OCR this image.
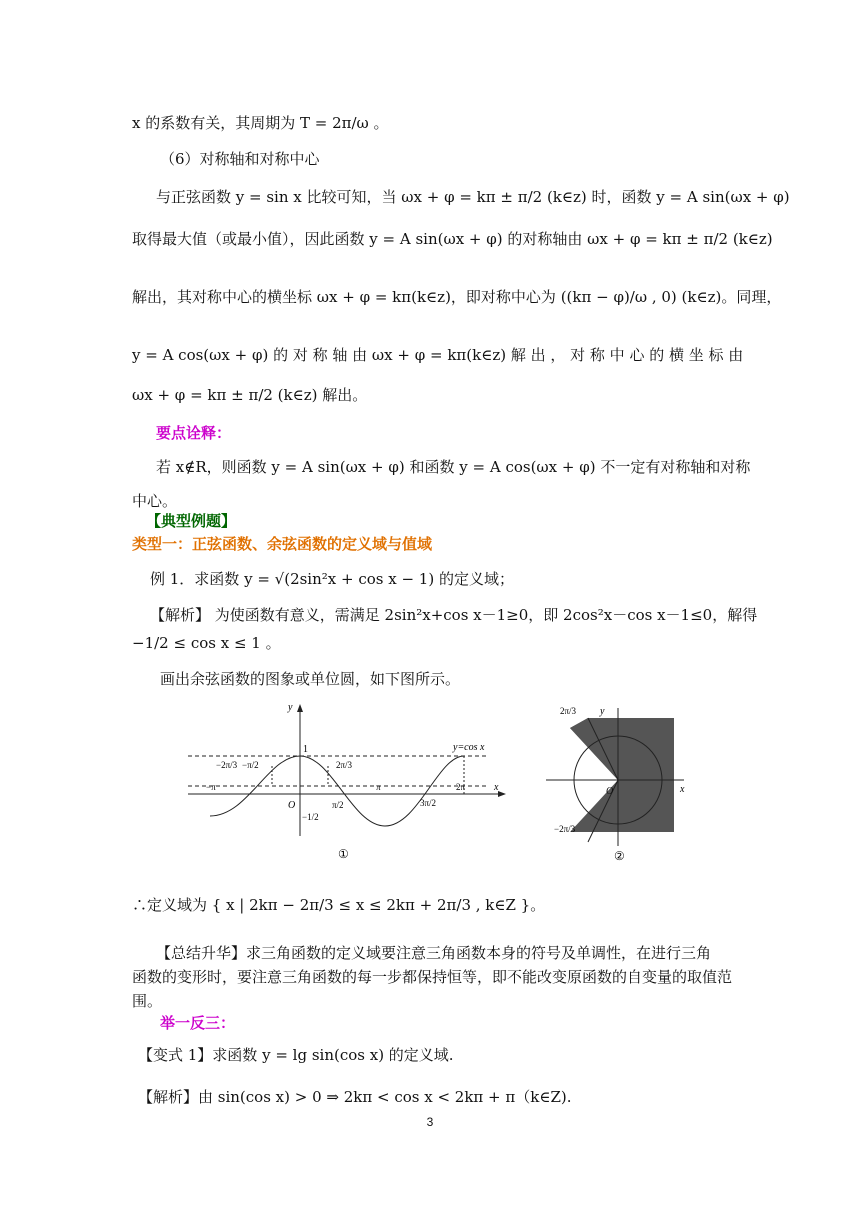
x 的系数有关，其周期为 T = 2π/ω 。
（6）对称轴和对称中心
与正弦函数 y = sin x 比较可知，当 ωx + φ = kπ ± π/2 (k∈z) 时，函数 y = A sin(ωx + φ)
取得最大值（或最小值），因此函数 y = A sin(ωx + φ) 的对称轴由 ωx + φ = kπ ± π/2 (k∈z)
解出，其对称中心的横坐标 ωx + φ = kπ(k∈z)，即对称中心为 ((kπ − φ)/ω , 0) (k∈z)。同理，
y = A cos(ωx + φ) 的 对 称 轴 由 ωx + φ = kπ(k∈z) 解 出 ， 对 称 中 心 的 横 坐 标 由
ωx + φ = kπ ± π/2 (k∈z) 解出。
要点诠释：
若 x∉R，则函数 y = A sin(ωx + φ) 和函数 y = A cos(ωx + φ) 不一定有对称轴和对称
中心。
【典型例题】
类型一：正弦函数、余弦函数的定义域与值域
例 1．求函数 y = √(2sin²x + cos x − 1) 的定义域；
【解析】 为使函数有意义，需满足 2sin²x+cos x－1≥0，即 2cos²x－cos x－1≤0，解得
−1/2 ≤ cos x ≤ 1 。
画出余弦函数的图象或单位圆，如下图所示。
y=cos x
y
x
O
1
−π
−2π/3 −π/2
π/2
2π/3
π
3π/2
2π
−1/2
①
y
x
O
2π/3
−2π/3
②
∴定义域为 { x | 2kπ − 2π/3 ≤ x ≤ 2kπ + 2π/3 , k∈Z }。
【总结升华】求三角函数的定义域要注意三角函数本身的符号及单调性，在进行三角
函数的变形时，要注意三角函数的每一步都保持恒等，即不能改变原函数的自变量的取值范
围。
举一反三：
【变式 1】求函数 y = lg sin(cos x) 的定义域.
【解析】由 sin(cos x) > 0 ⇒ 2kπ < cos x < 2kπ + π（k∈Z).
3
